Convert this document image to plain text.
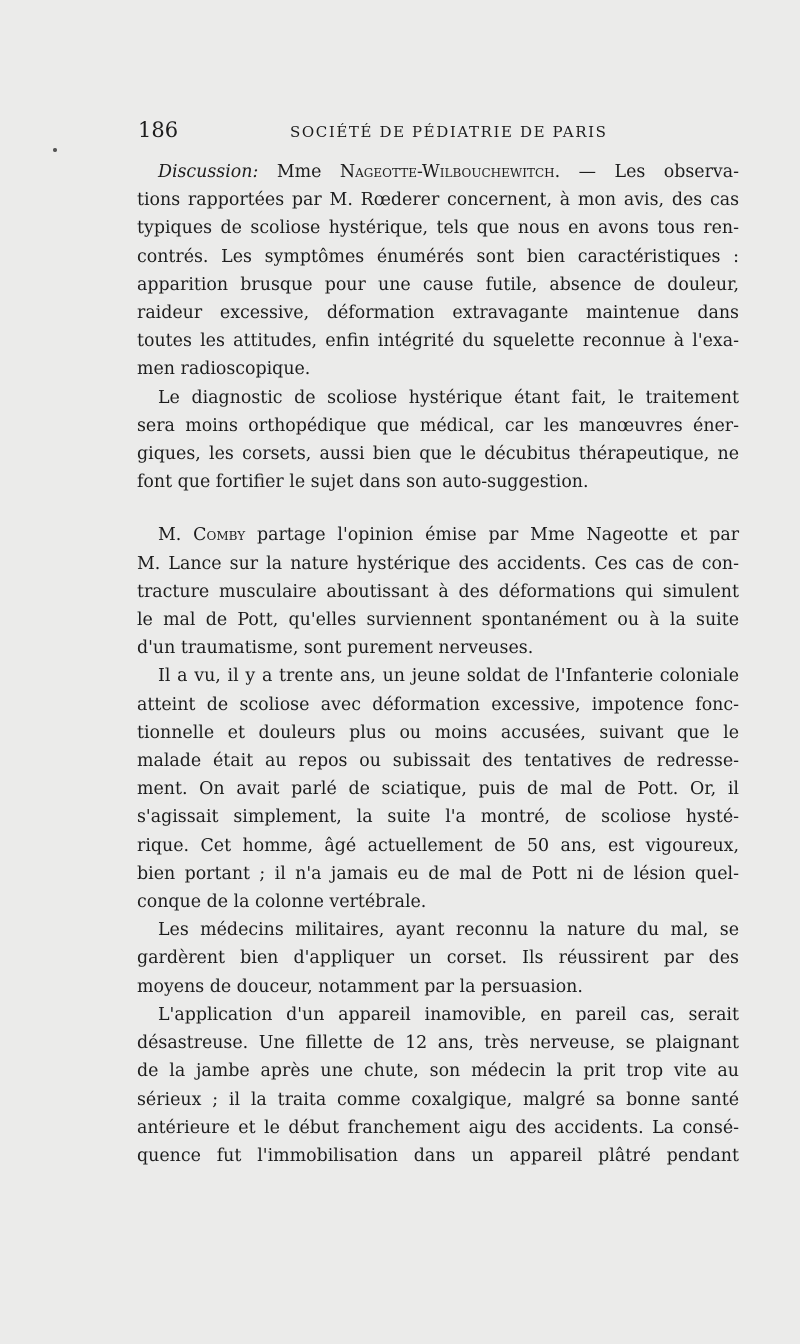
186	SOCIÉTÉ DE PÉDIATRIE DE PARIS
Discussion: Mme Nageotte-Wilbouchewitch. — Les observa-
tions rapportées par M. Rœderer concernent, à mon avis, des cas
typiques de scoliose hystérique, tels que nous en avons tous ren-
contrés. Les symptômes énumérés sont bien caractéristiques :
apparition brusque pour une cause futile, absence de douleur,
raideur excessive, déformation extravagante maintenue dans
toutes les attitudes, enfin intégrité du squelette reconnue à l'exa-
men radioscopique.
Le diagnostic de scoliose hystérique étant fait, le traitement
sera moins orthopédique que médical, car les manœuvres éner-
giques, les corsets, aussi bien que le décubitus thérapeutique, ne
font que fortifier le sujet dans son auto-suggestion.
M. Comby partage l'opinion émise par Mme Nageotte et par
M. Lance sur la nature hystérique des accidents. Ces cas de con-
tracture musculaire aboutissant à des déformations qui simulent
le mal de Pott, qu'elles surviennent spontanément ou à la suite
d'un traumatisme, sont purement nerveuses.
Il a vu, il y a trente ans, un jeune soldat de l'Infanterie coloniale
atteint de scoliose avec déformation excessive, impotence fonc-
tionnelle et douleurs plus ou moins accusées, suivant que le
malade était au repos ou subissait des tentatives de redresse-
ment. On avait parlé de sciatique, puis de mal de Pott. Or, il
s'agissait simplement, la suite l'a montré, de scoliose hysté-
rique. Cet homme, âgé actuellement de 50 ans, est vigoureux,
bien portant ; il n'a jamais eu de mal de Pott ni de lésion quel-
conque de la colonne vertébrale.
Les médecins militaires, ayant reconnu la nature du mal, se
gardèrent bien d'appliquer un corset. Ils réussirent par des
moyens de douceur, notamment par la persuasion.
L'application d'un appareil inamovible, en pareil cas, serait
désastreuse. Une fillette de 12 ans, très nerveuse, se plaignant
de la jambe après une chute, son médecin la prit trop vite au
sérieux ; il la traita comme coxalgique, malgré sa bonne santé
antérieure et le début franchement aigu des accidents. La consé-
quence fut l'immobilisation dans un appareil plâtré pendant
